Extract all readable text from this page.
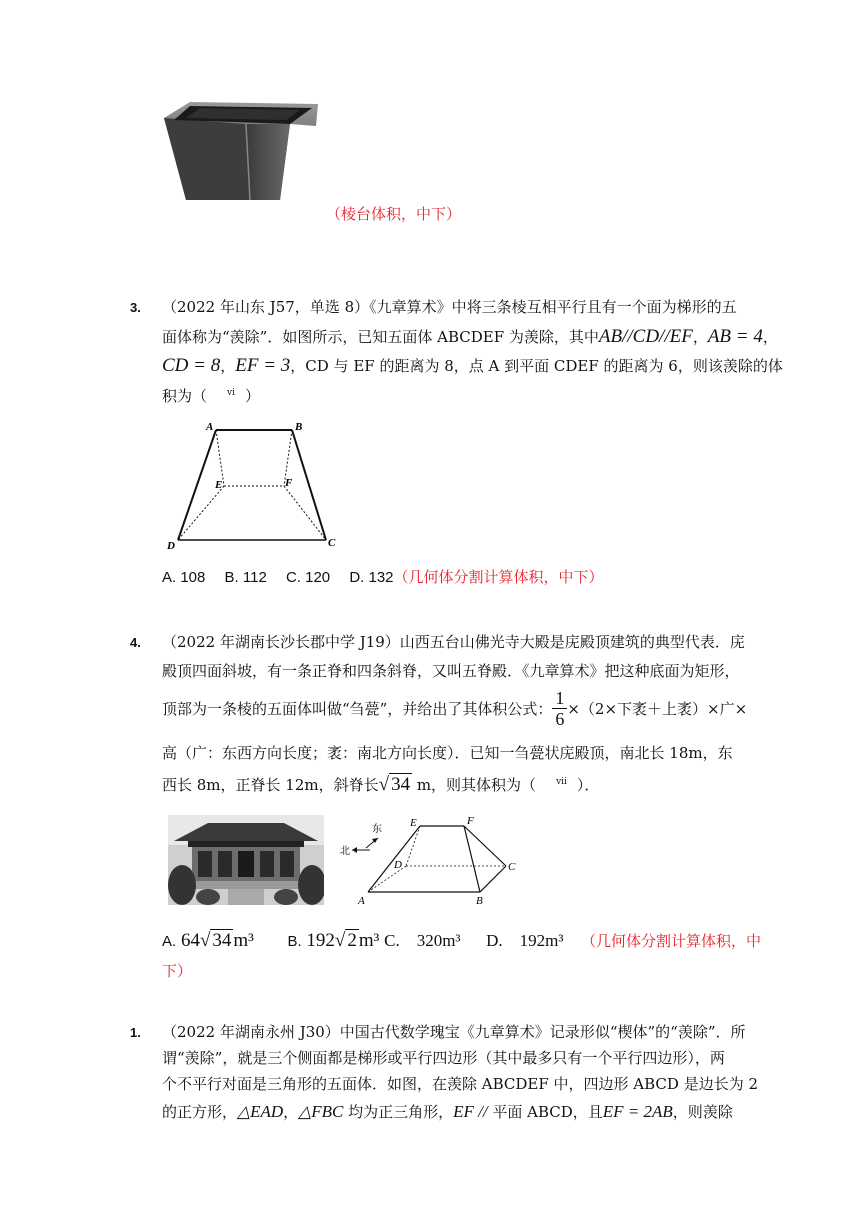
（棱台体积，中下）
3. （2022 年山东 J57，单选 8）《九章算术》中将三条棱互相平行且有一个面为梯形的五
面体称为“羡除”．如图所示，已知五面体 ABCDEF 为羡除，其中AB//CD//EF，AB = 4，
CD = 8，EF = 3，CD 与 EF 的距离为 8，点 A 到平面 CDEF 的距离为 6，则该羡除的体
积为（ $^{vi}$ ）
A	B
E	F
D	C
A. 108　 B. 112　 C. 120　 D. 132（几何体分割计算体积，中下）
4. （2022 年湖南长沙长郡中学 J19）山西五台山佛光寺大殿是庑殿顶建筑的典型代表．庑
殿顶四面斜坡，有一条正脊和四条斜脊，又叫五脊殿．《九章算术》把这种底面为矩形，
顶部为一条棱的五面体叫做“刍甍”，并给出了其体积公式： $\frac{1}{6} \times(2\times$下袤＋上袤）×广×
高（广：东西方向长度；袤：南北方向长度）．已知一刍甍状庑殿顶，南北长 18m，东
西长 8m，正脊长 12m，斜脊长√ 34 m，则其体积为（ $^{vii}$ ）．
东
北
E	F
D	C
A	B
A. 64√ 34 m³ B. 192√ 2 m³ C.　320m³ D.　192m³ （几何体分割计算体积，中
下）
1. （2022 年湖南永州 J30）中国古代数学瑰宝《九章算术》记录形似“楔体”的“羡除”．所
谓“羡除”，就是三个侧面都是梯形或平行四边形（其中最多只有一个平行四边形），两
个不平行对面是三角形的五面体．如图，在羡除 ABCDEF 中，四边形 ABCD 是边长为 2
的正方形，△EAD，△FBC 均为正三角形，EF // 平面 ABCD，且EF = 2AB，则羡除
